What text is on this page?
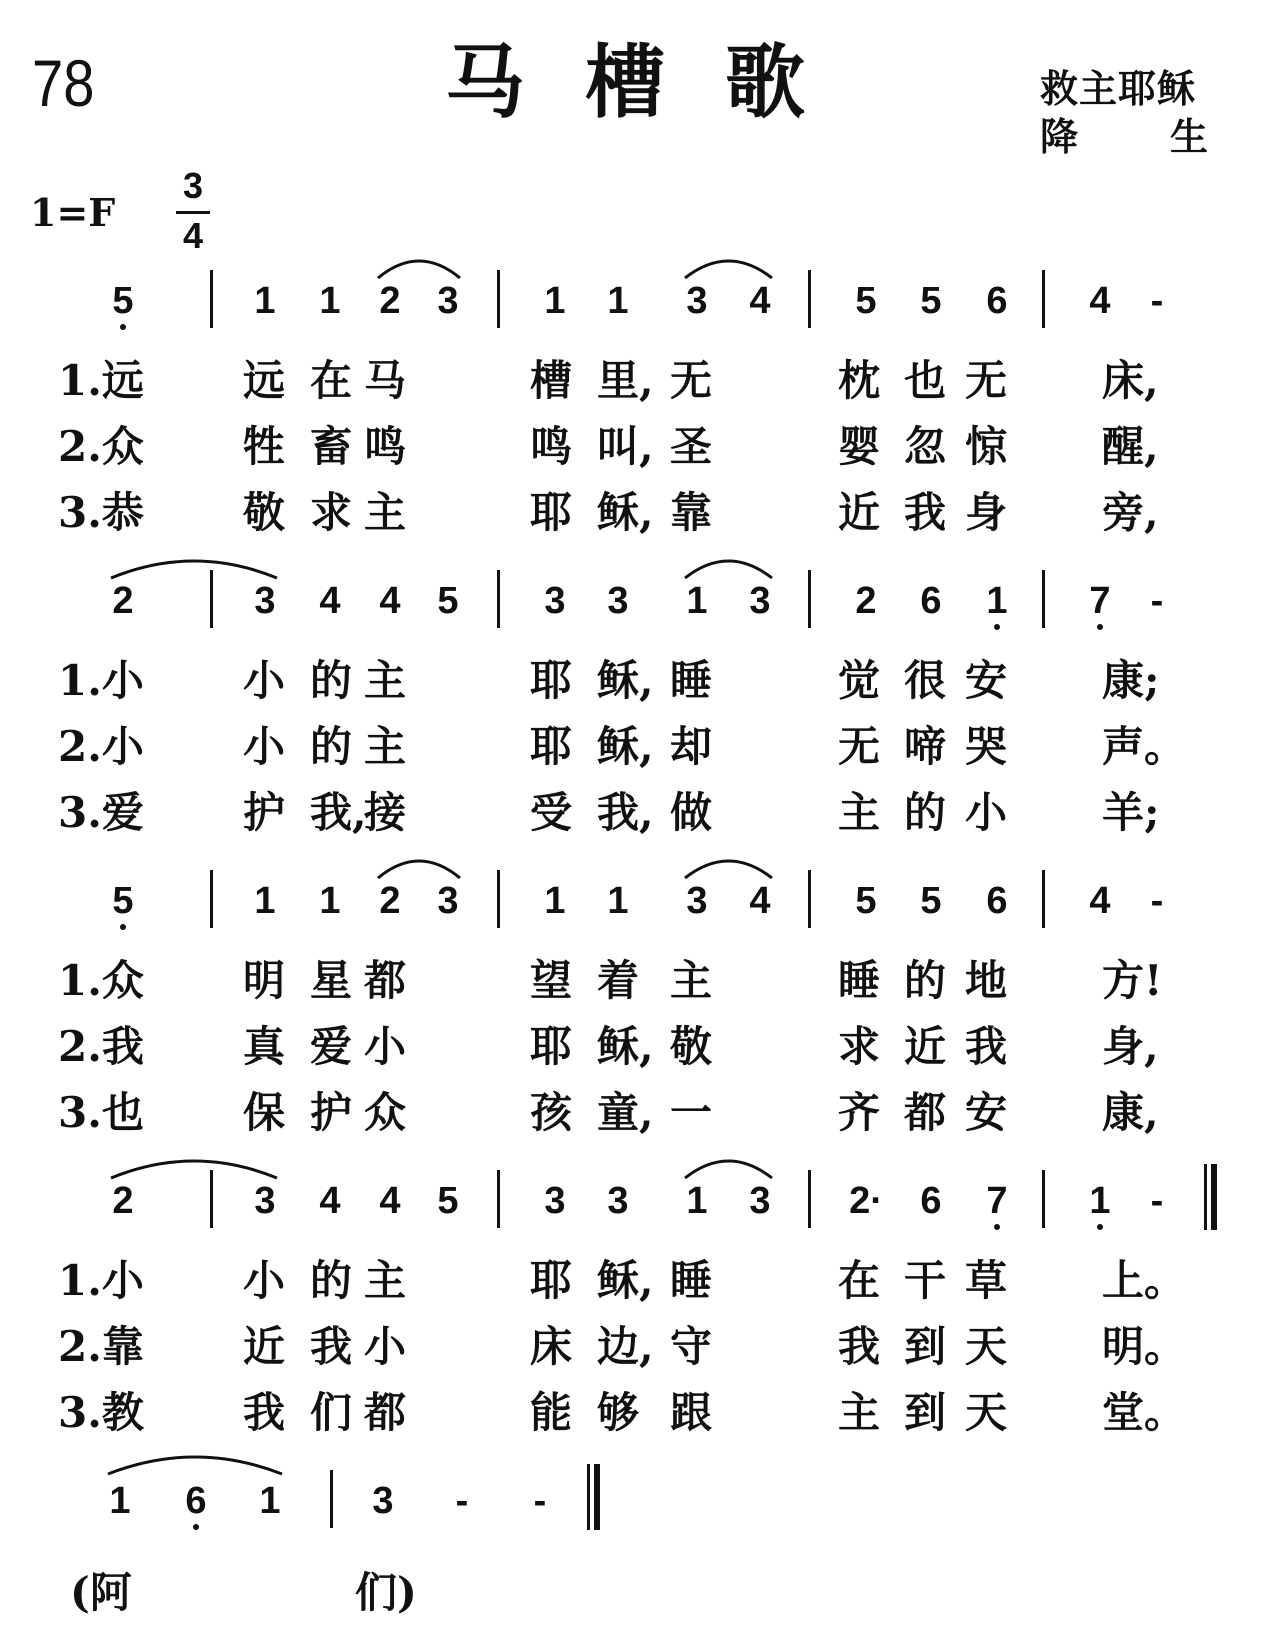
78	马槽歌	救主耶稣
降 生
1=F
3
4
5	1 1 2 3 1 1 3 4 5 5 6 4 -
1.远 远 在 马	槽 里, 无	枕 也 无 床,
2.众 牲 畜 鸣	鸣 叫, 圣	婴 忽 惊 醒,
3.恭 敬 求 主	耶 稣, 靠	近 我 身 旁,
2	3 4 4 5 3 3 1 3 2 6 1 7 -
1.小 小 的 主	耶 稣, 睡	觉 很 安 康;
2.小 小 的 主	耶 稣, 却	无 啼 哭 声。
3.爱 护 我,
接	受 我, 做	主 的 小 羊;
5	1 1 2 3 1 1 3 4 5 5 6 4 -
1.众 明 星 都	望 着 主	睡 的 地 方!
2.我 真 爱 小	耶 稣, 敬	求 近 我 身,
3.也 保 护 众	孩 童, 一	齐 都 安 康,
2	3 4 4 5 3 3 1 3 2· 6 7 1 -
1.小 小 的 主	耶 稣, 睡	在 干 草 上。
2.靠 近 我 小	床 边, 守	我 到 天 明。
3.教 我 们 都	能 够 跟	主 到 天 堂。
1 6 1 3 - -
(阿	们)
